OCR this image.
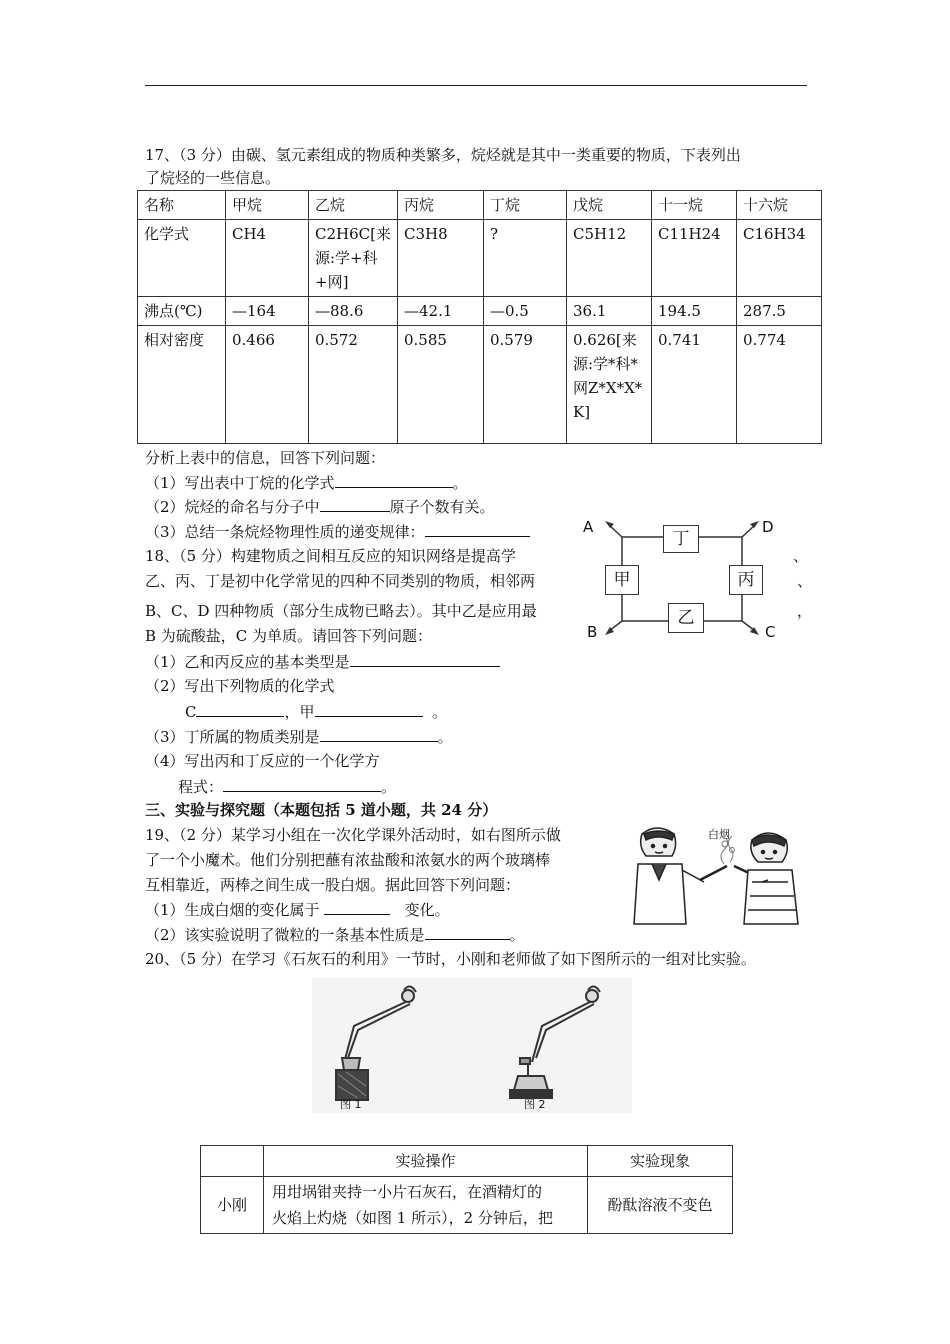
17、（3 分）由碳、氢元素组成的物质种类繁多，烷烃就是其中一类重要的物质，下表列出
了烷烃的一些信息。
名称	甲烷	乙烷	丙烷	丁烷	戊烷	十一烷	十六烷
化学式	CH4	C2H6C[来源:学+科+网]	C3H8	?	C5H12	C11H24	C16H34
沸点(℃)	—164	—88.6	—42.1	—0.5	36.1	194.5	287.5
相对密度	0.466	0.572	0.585	0.579	0.626[来源:学*科*网Z*X*X*K]	0.741	0.774
分析上表中的信息，回答下列问题：
（1）写出表中丁烷的化学式	。
（2）烷烃的命名与分子中	原子个数有关。
（3）总结一条烷烃物理性质的递变规律：
18、（5 分）构建物质之间相互反应的知识网络是提高学
乙、丙、丁是初中化学常见的四种不同类别的物质，相邻两
B、C、D 四种物质（部分生成物已略去）。其中乙是应用最
B 为硫酸盐，C 为单质。请回答下列问题：
、
、
，
A	D
B	C
丁
甲	丙
乙
（1）乙和丙反应的基本类型是
（2）写出下列物质的化学式
C	，甲	。
（3）丁所属的物质类别是	。
（4）写出丙和丁反应的一个化学方
程式：	。
三、实验与探究题（本题包括 5 道小题，共 24 分）
19、（2 分）某学习小组在一次化学课外活动时，如右图所示做
了一个小魔术。他们分别把蘸有浓盐酸和浓氨水的两个玻璃棒
互相靠近，两棒之间生成一股白烟。据此回答下列问题：
（1）生成白烟的变化属于	变化。
（2）该实验说明了微粒的一条基本性质是	。
白烟
20、（5 分）在学习《石灰石的利用》一节时，小刚和老师做了如下图所示的一组对比实验。
图 1	图 2
	实验操作	实验现象
小刚	用坩埚钳夹持一小片石灰石，在酒精灯的
火焰上灼烧（如图 1 所示），2 分钟后，把	酚酞溶液不变色
